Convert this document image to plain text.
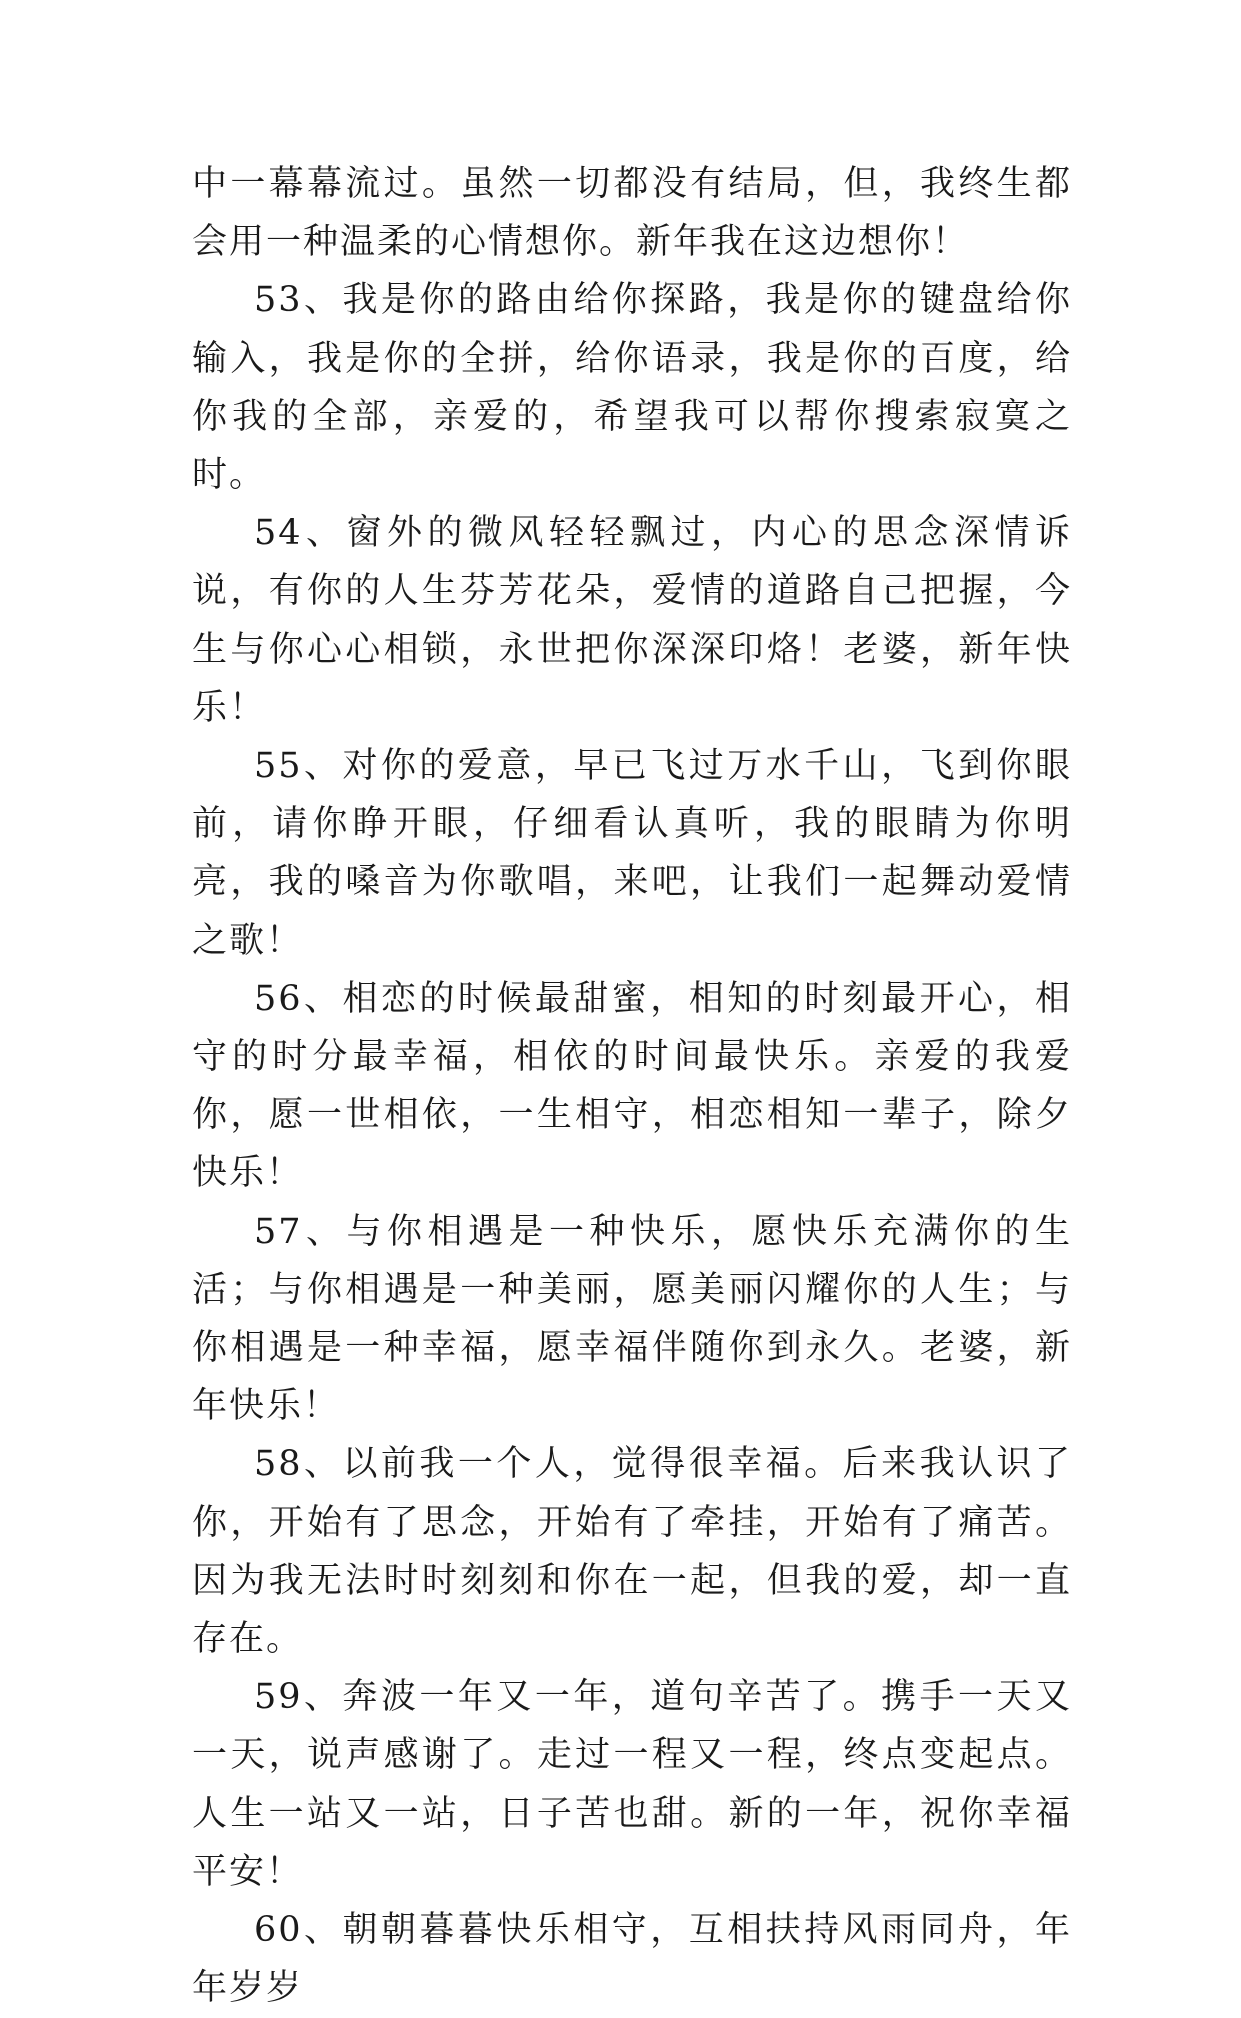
中一幕幕流过。虽然一切都没有结局，但，我终生都会用一种温柔的心情想你。新年我在这边想你！

53、我是你的路由给你探路，我是你的键盘给你输入，我是你的全拼，给你语录，我是你的百度，给你我的全部，亲爱的，希望我可以帮你搜索寂寞之时。

54、窗外的微风轻轻飘过，内心的思念深情诉说，有你的人生芬芳花朵，爱情的道路自己把握，今生与你心心相锁，永世把你深深印烙！老婆，新年快乐！

55、对你的爱意，早已飞过万水千山，飞到你眼前，请你睁开眼，仔细看认真听，我的眼睛为你明亮，我的嗓音为你歌唱，来吧，让我们一起舞动爱情之歌！

56、相恋的时候最甜蜜，相知的时刻最开心，相守的时分最幸福，相依的时间最快乐。亲爱的我爱你，愿一世相依，一生相守，相恋相知一辈子，除夕快乐！

57、与你相遇是一种快乐，愿快乐充满你的生活；与你相遇是一种美丽，愿美丽闪耀你的人生；与你相遇是一种幸福，愿幸福伴随你到永久。老婆，新年快乐！

58、以前我一个人，觉得很幸福。后来我认识了你，开始有了思念，开始有了牵挂，开始有了痛苦。因为我无法时时刻刻和你在一起，但我的爱，却一直存在。

59、奔波一年又一年，道句辛苦了。携手一天又一天，说声感谢了。走过一程又一程，终点变起点。人生一站又一站，日子苦也甜。新的一年，祝你幸福平安！

60、朝朝暮暮快乐相守，互相扶持风雨同舟，年年岁岁
